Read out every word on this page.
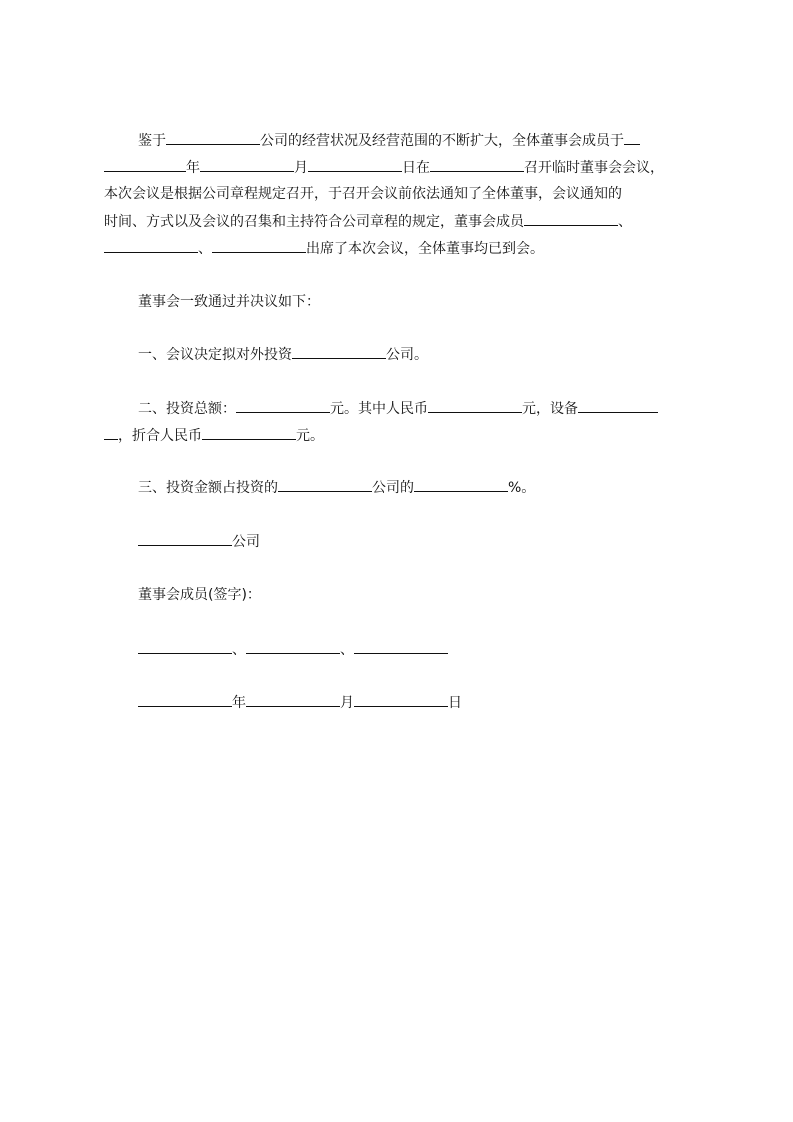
鉴于	公司的经营状况及经营范围的不断扩大，全体董事会成员于
年	月	日在	召开临时董事会会议，
本次会议是根据公司章程规定召开，于召开会议前依法通知了全体董事，会议通知的
时间、方式以及会议的召集和主持符合公司章程的规定，董事会成员	、
、	出席了本次会议，全体董事均已到会。
董事会一致通过并决议如下：
一、会议决定拟对外投资	公司。
二、投资总额：	元。其中人民币	元，设备
，折合人民币	元。
三、投资金额占投资的	公司的	%。
公司
董事会成员(签字)：
、	、
年	月	日
